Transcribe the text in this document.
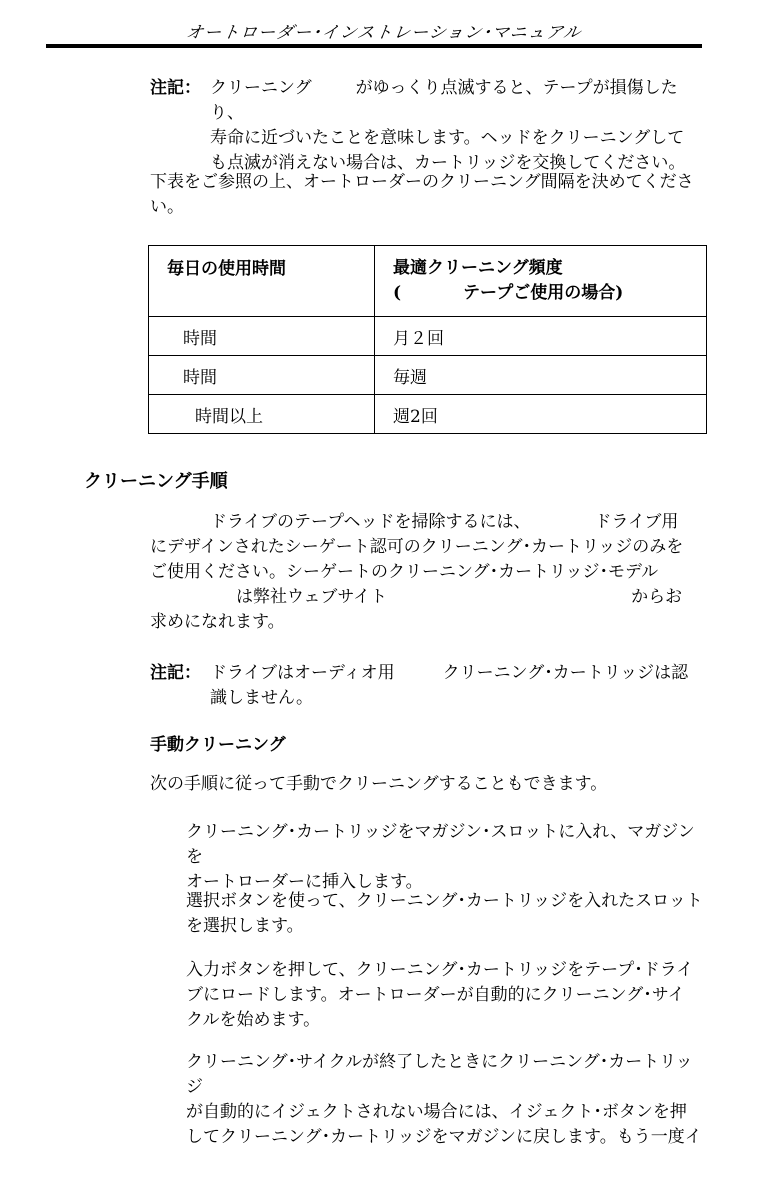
オートローダー･インストレーション･マニュアル
注記： クリーニング	がゆっくり点滅すると、テープが損傷したり、
寿命に近づいたことを意味します。ヘッドをクリーニングして
も点滅が消えない場合は、カートリッジを交換してください。
下表をご参照の上、オートローダーのクリーニング間隔を決めてくださ
い。
毎日の使用時間	最適クリーニング頻度
( テープご使用の場合)

時間	月２回
時間	毎週
時間以上	週2回
クリーニング手順
ドライブのテープヘッドを掃除するには、	ドライブ用
にデザインされたシーゲート認可のクリーニング･カートリッジのみを
ご使用ください。シーゲートのクリーニング･カートリッジ･モデル
は弊社ウェブサイト	からお
求めになれます。
注記： ドライブはオーディオ用	クリーニング･カートリッジは認
識しません。
手動クリーニング
次の手順に従って手動でクリーニングすることもできます。
クリーニング･カートリッジをマガジン･スロットに入れ、マガジンを
オートローダーに挿入します。
選択ボタンを使って、クリーニング･カートリッジを入れたスロット
を選択します。
入力ボタンを押して、クリーニング･カートリッジをテープ･ドライ
ブにロードします。オートローダーが自動的にクリーニング･サイ
クルを始めます。
クリーニング･サイクルが終了したときにクリーニング･カートリッジ
が自動的にイジェクトされない場合には、イジェクト･ボタンを押
してクリーニング･カートリッジをマガジンに戻します。もう一度イ
